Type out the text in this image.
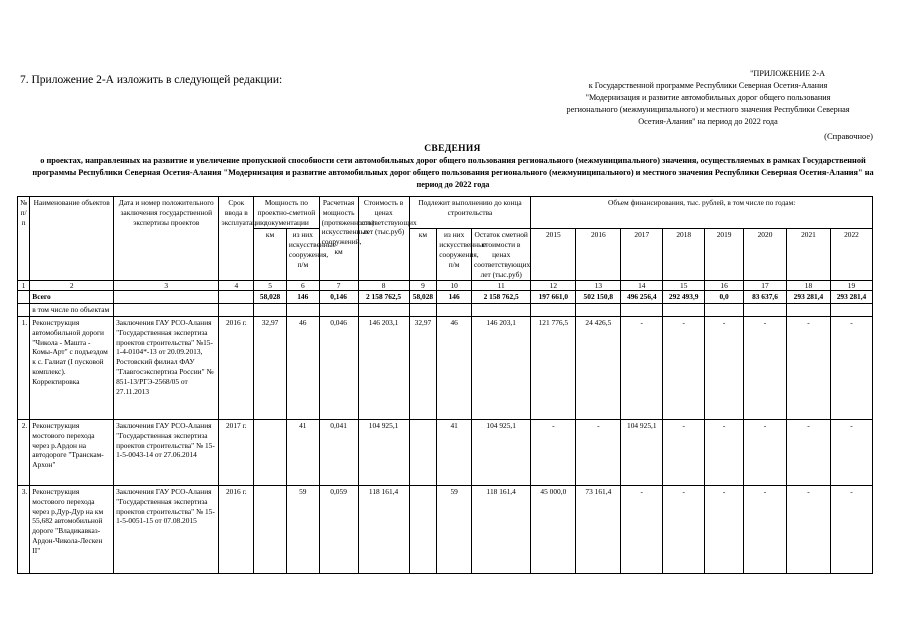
7. Приложение 2-А изложить в следующей редакции:
"ПРИЛОЖЕНИЕ 2-А
к Государственной программе Республики Северная Осетия-Алания
"Модернизация и развитие автомобильных дорог общего пользования
регионального (межмуниципального) и местного значения Республики Северная
Осетия-Алания" на период до 2022 года
(Справочное)
СВЕДЕНИЯ
о проектах, направленных на развитие и увеличение пропускной способности сети автомобильных дорог общего пользования регионального (межмуниципального) значения, осуществляемых в рамках Государственной программы Республики Северная Осетия-Алания "Модернизация и развитие автомобильных дорог общего пользования регионального (межмуниципального) и местного значения Республики Северная Осетия-Алания" на период до 2022 года
№ п/п	Наименование объектов	Дата и номер положительного заключения государственной экспертизы проектов	Срок ввода в эксплуатацию	Мощность по проектно-сметной документации		Расчетная мощность (протяженность) искусственных сооружений, км	Стоимость в ценах соответствующих лет (тыс.руб)	Подлежит выполнению до конца строительства			Объем финансирования, тыс. рублей, в том числе по годам:							
				км	из них искусственные сооружения, п/м			км	из них искусственные сооружения, п/м	Остаток сметной стоимости в ценах соответствующих лет (тыс.руб)	2015	2016	2017	2018	2019	2020	2021	2022
1	2	3	4	5	6	7	8	9	10	11	12	13	14	15	16	17	18	19
	Всего			58,028	146	0,146	2 158 762,5	58,028	146	2 158 762,5	197 661,0	502 150,8	496 256,4	292 493,9	0,0	83 637,6	293 281,4	293 281,4
	в том числе по объектам																	
1.	Реконструкция автомобильной дороги "Чикола - Машта - Комы-Арт" с подъездом к с. Галиат (I пусковой комплекс). Корректировка	Заключения ГАУ РСО-Алания "Государственная экспертиза проектов строительства" №15-1-4-0104*-13 от 20.09.2013, Ростовский филиал ФАУ "Главгосэкспертиза России" № 851-13/РГЭ-2568/05 от 27.11.2013	2016 г.	32,97	46	0,046	146 203,1	32,97	46	146 203,1	121 776,5	24 426,5	-	-	-	-	-	-
2.	Реконструкция мостового перехода через р.Ардон на автодороге "Транскам-Архон"	Заключения ГАУ РСО-Алания "Государственная экспертиза проектов строительства" № 15-1-5-0043-14 от 27.06.2014	2017 г.		41	0,041	104 925,1		41	104 925,1	-	-	104 925,1	-	-	-	-	-
3.	Реконструкция мостового перехода через р.Дур-Дур на км 55,682 автомобильной дороге "Владикавказ-Ардон-Чикола-Лескен II"	Заключения ГАУ РСО-Алания "Государственная экспертиза проектов строительства" № 15-1-5-0051-15 от 07.08.2015	2016 г.		59	0,059	118 161,4		59	118 161,4	45 000,0	73 161,4	-	-	-	-	-	-
